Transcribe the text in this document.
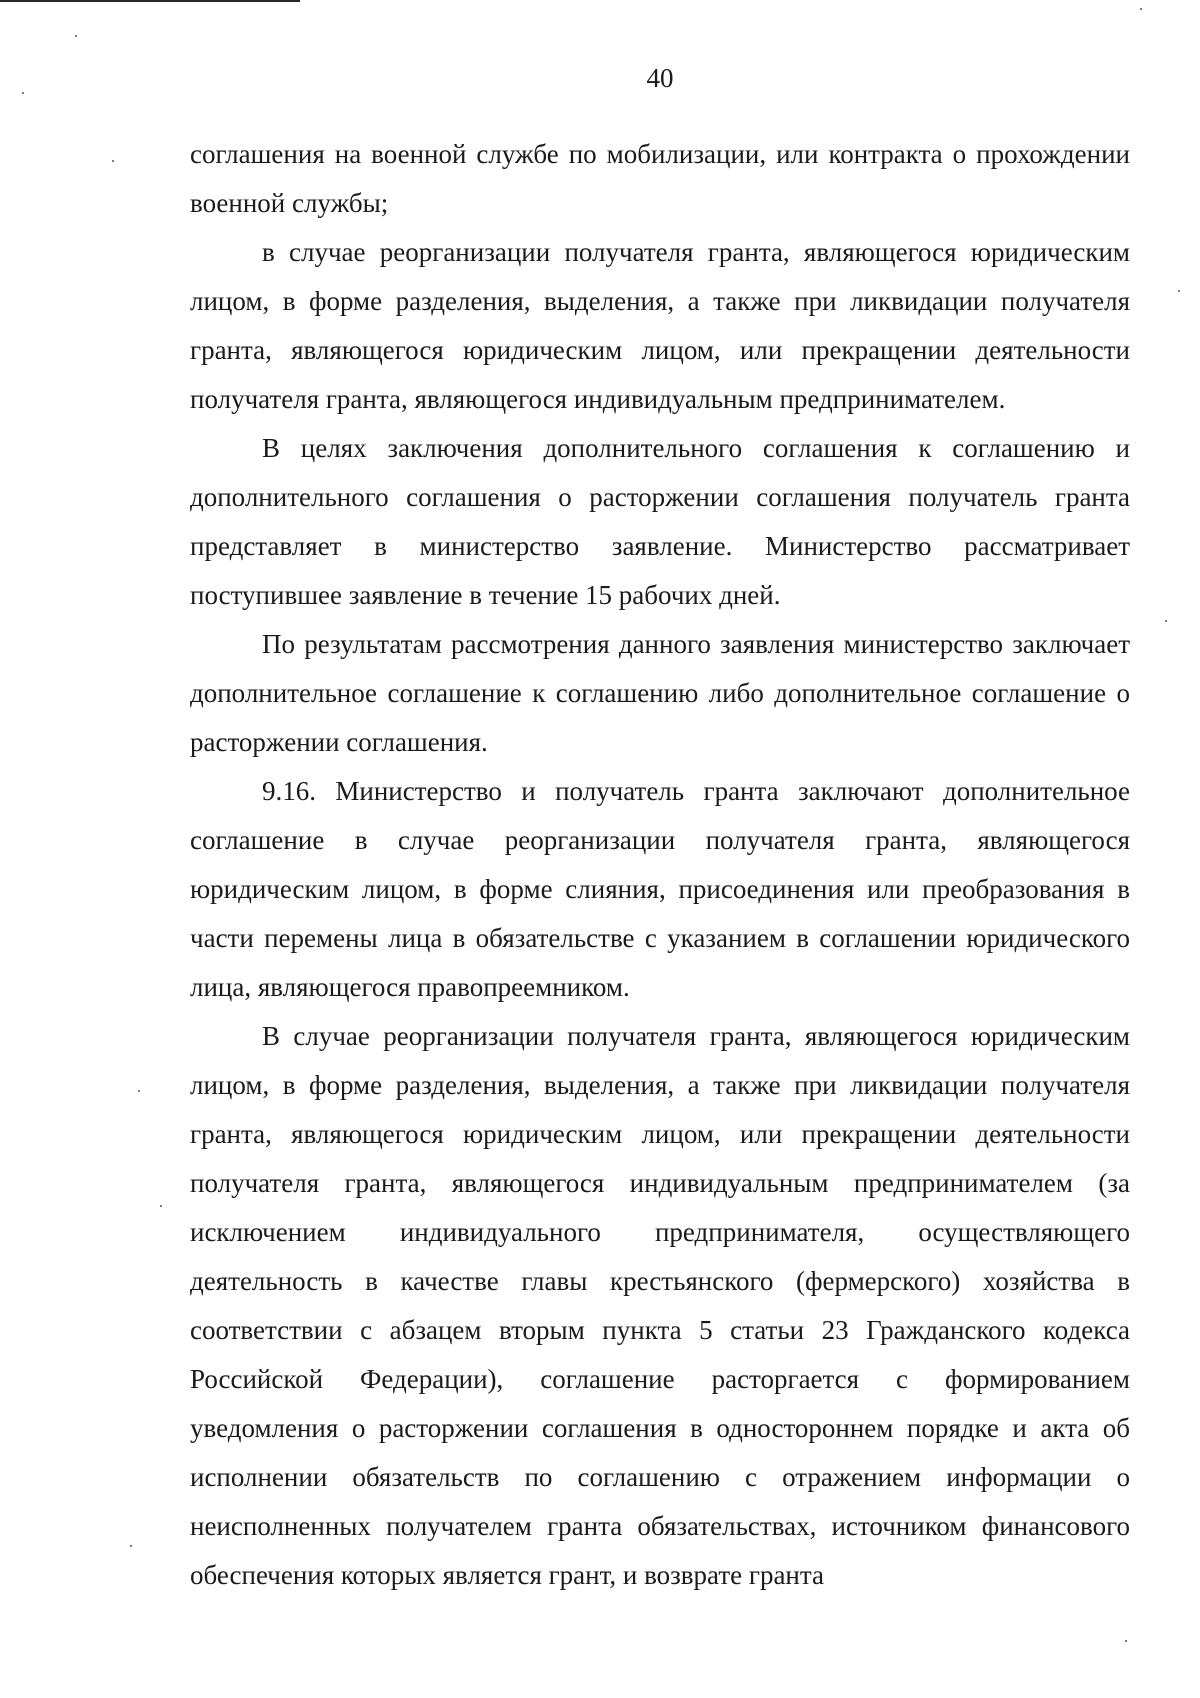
40

соглашения на военной службе по мобилизации, или контракта о прохождении военной службы;

в случае реорганизации получателя гранта, являющегося юридическим лицом, в форме разделения, выделения, а также при ликвидации получателя гранта, являющегося юридическим лицом, или прекращении деятельности получателя гранта, являющегося индивидуальным предпринимателем.

В целях заключения дополнительного соглашения к соглашению и дополнительного соглашения о расторжении соглашения получатель гранта представляет в министерство заявление. Министерство рассматривает поступившее заявление в течение 15 рабочих дней.

По результатам рассмотрения данного заявления министерство заключает дополнительное соглашение к соглашению либо дополнительное соглашение о расторжении соглашения.

9.16. Министерство и получатель гранта заключают дополнительное соглашение в случае реорганизации получателя гранта, являющегося юридическим лицом, в форме слияния, присоединения или преобразования в части перемены лица в обязательстве с указанием в соглашении юридического лица, являющегося правопреемником.

В случае реорганизации получателя гранта, являющегося юридическим лицом, в форме разделения, выделения, а также при ликвидации получателя гранта, являющегося юридическим лицом, или прекращении деятельности получателя гранта, являющегося индивидуальным предпринимателем (за исключением индивидуального предпринимателя, осуществляющего деятельность в качестве главы крестьянского (фермерского) хозяйства в соответствии с абзацем вторым пункта 5 статьи 23 Гражданского кодекса Российской Федерации), соглашение расторгается с формированием уведомления о расторжении соглашения в одностороннем порядке и акта об исполнении обязательств по соглашению с отражением информации о неисполненных получателем гранта обязательствах, источником финансового обеспечения которых является грант, и возврате гранта
